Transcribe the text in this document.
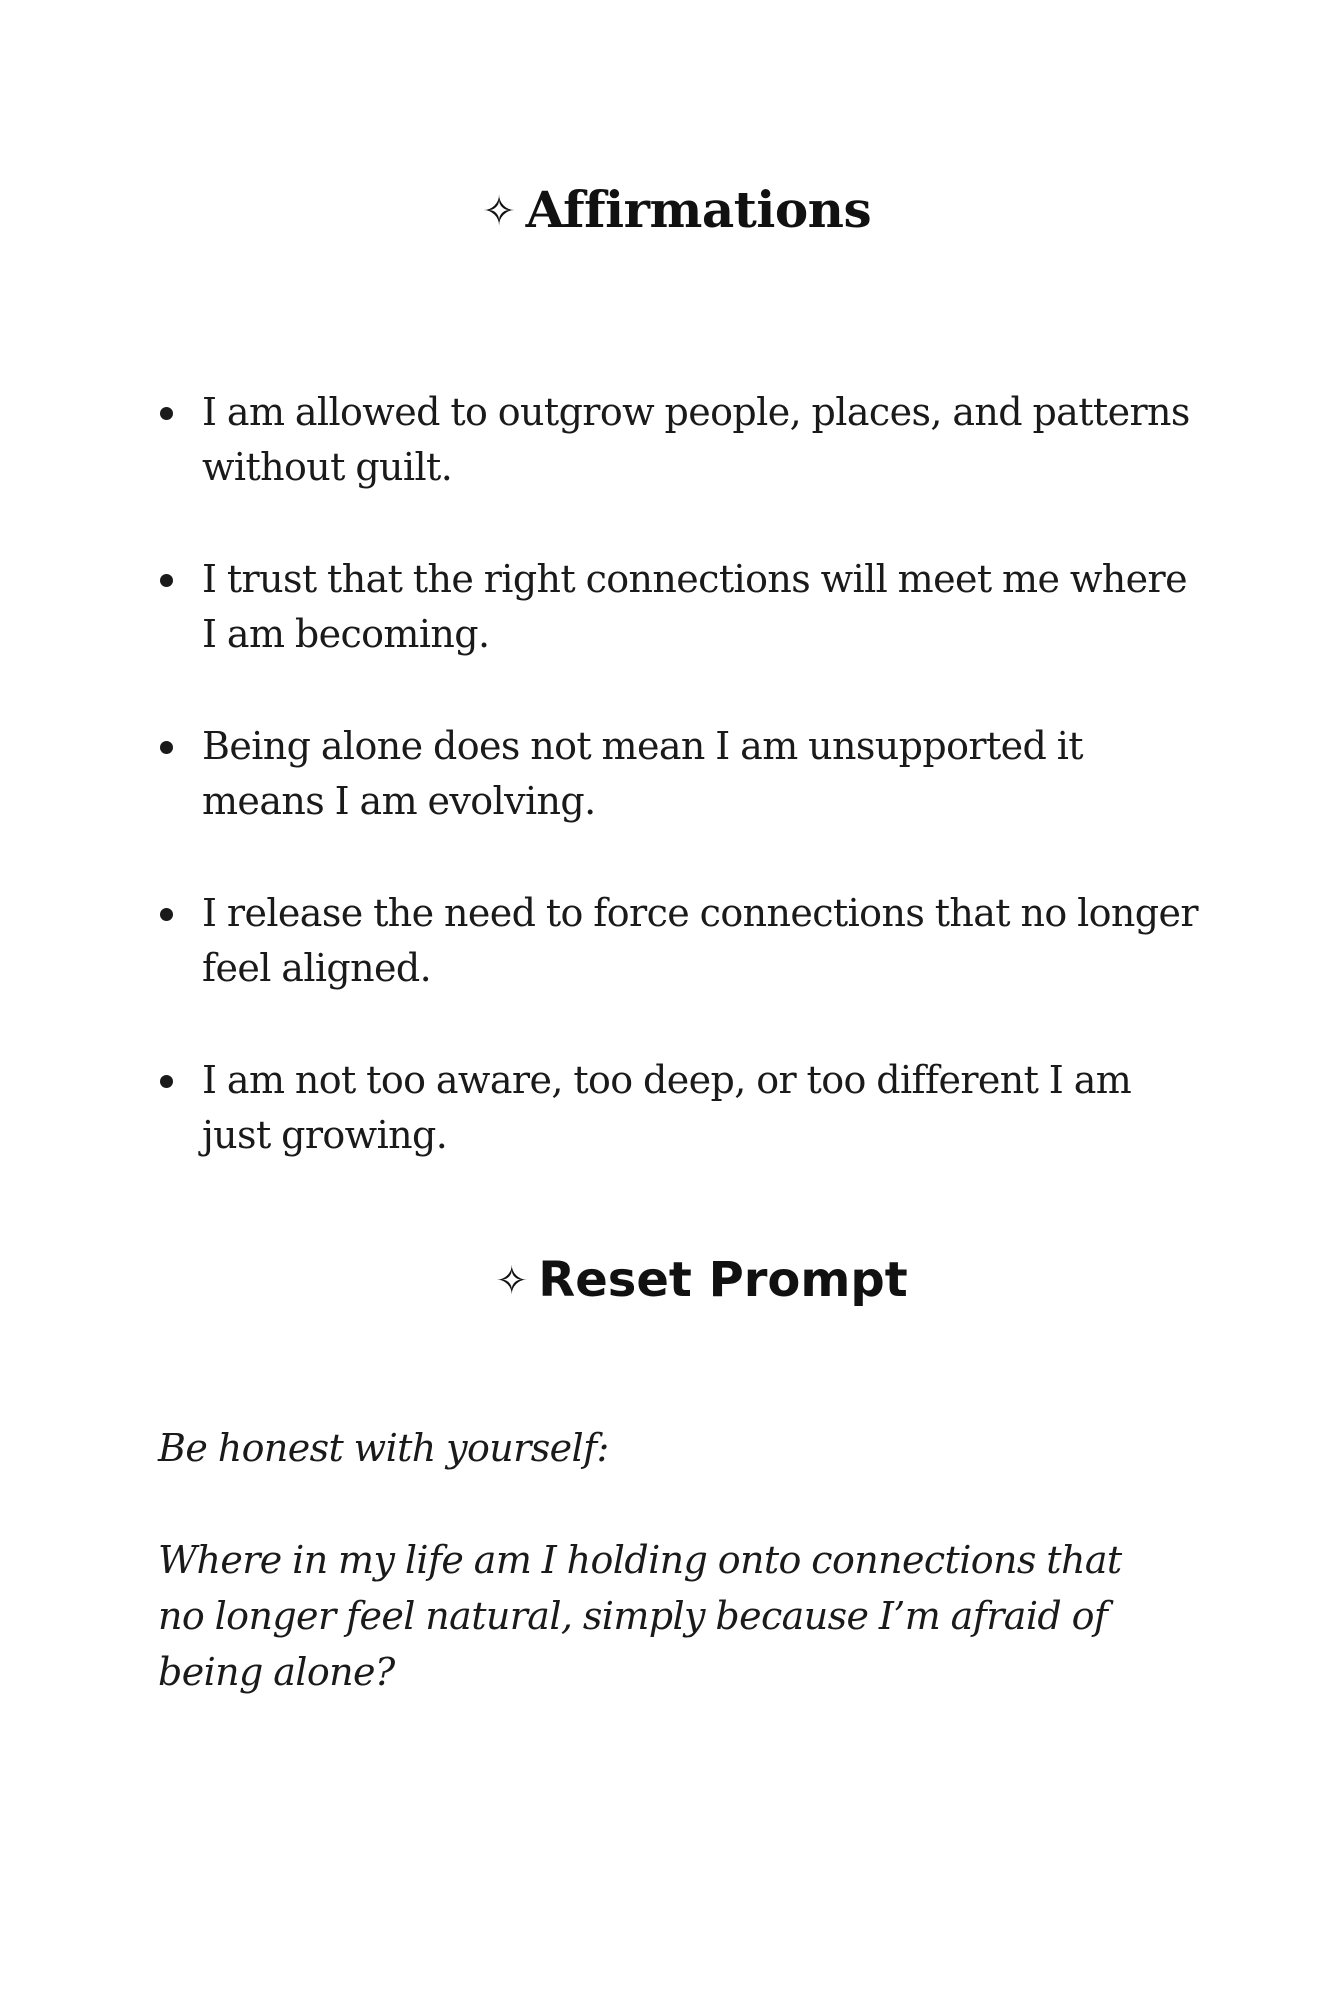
✧ Affirmations
I am allowed to outgrow people, places, and patterns without guilt.
I trust that the right connections will meet me where I am becoming.
Being alone does not mean I am unsupported it means I am evolving.
I release the need to force connections that no longer feel aligned.
I am not too aware, too deep, or too different I am just growing.
✧ Reset Prompt
Be honest with yourself:
Where in my life am I holding onto connections that no longer feel natural, simply because I’m afraid of being alone?
